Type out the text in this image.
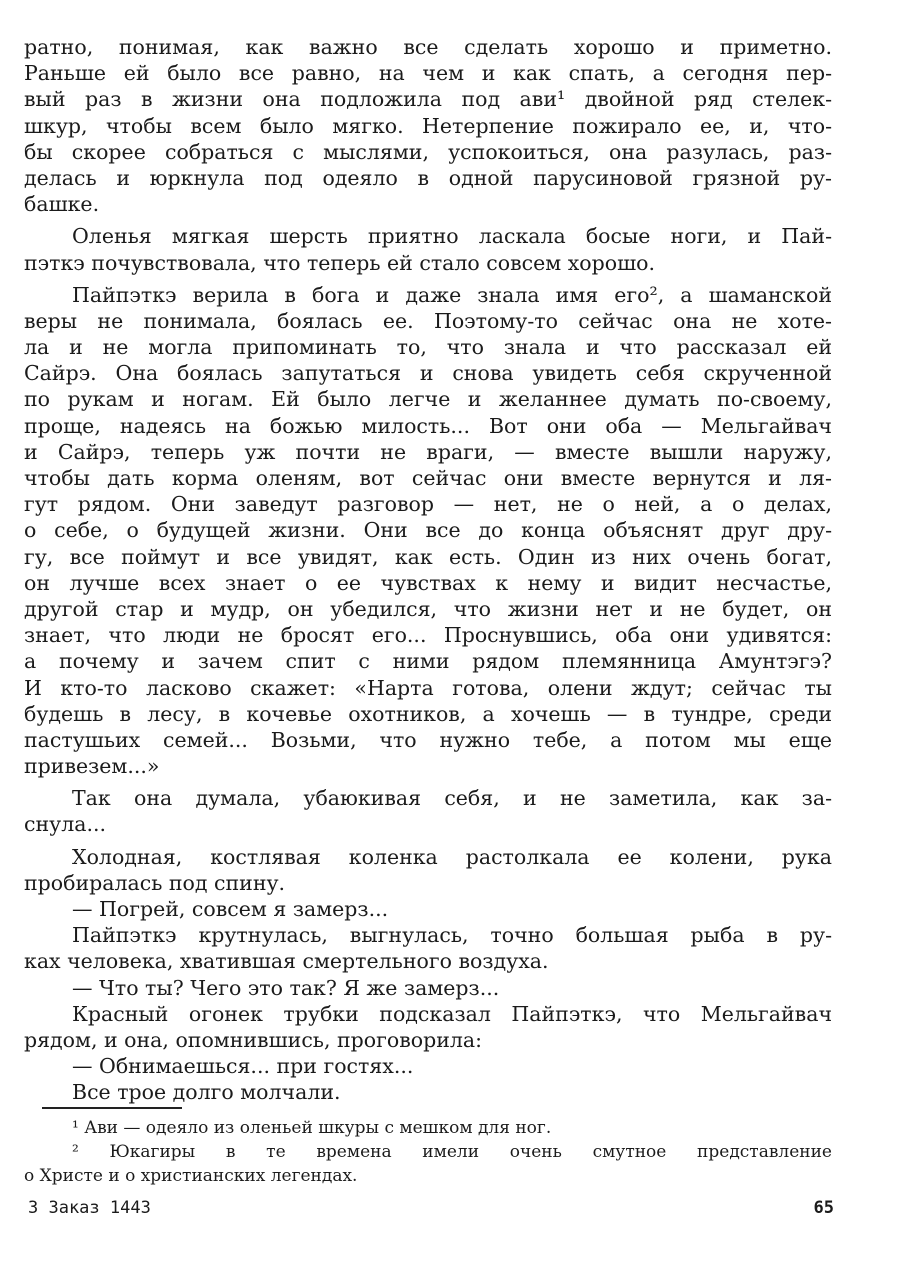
ратно, понимая, как важно все сделать хорошо и приметно.
Раньше ей было все равно, на чем и как спать, а сегодня пер-
вый раз в жизни она подложила под ави¹ двойной ряд стелек-
шкур, чтобы всем было мягко. Нетерпение пожирало ее, и, что-
бы скорее собраться с мыслями, успокоиться, она разулась, раз-
делась и юркнула под одеяло в одной парусиновой грязной ру-
башке.
Оленья мягкая шерсть приятно ласкала босые ноги, и Пай-
пэткэ почувствовала, что теперь ей стало совсем хорошо.
Пайпэткэ верила в бога и даже знала имя его², а шаманской
веры не понимала, боялась ее. Поэтому-то сейчас она не хоте-
ла и не могла припоминать то, что знала и что рассказал ей
Сайрэ. Она боялась запутаться и снова увидеть себя скрученной
по рукам и ногам. Ей было легче и желаннее думать по-своему,
проще, надеясь на божью милость... Вот они оба — Мельгайвач
и Сайрэ, теперь уж почти не враги, — вместе вышли наружу,
чтобы дать корма оленям, вот сейчас они вместе вернутся и ля-
гут рядом. Они заведут разговор — нет, не о ней, а о делах,
о себе, о будущей жизни. Они все до конца объяснят друг дру-
гу, все поймут и все увидят, как есть. Один из них очень богат,
он лучше всех знает о ее чувствах к нему и видит несчастье,
другой стар и мудр, он убедился, что жизни нет и не будет, он
знает, что люди не бросят его... Проснувшись, оба они удивятся:
а почему и зачем спит с ними рядом племянница Амунтэгэ?
И кто-то ласково скажет: «Нарта готова, олени ждут; сейчас ты
будешь в лесу, в кочевье охотников, а хочешь — в тундре, среди
пастушьих семей... Возьми, что нужно тебе, а потом мы еще
привезем...»
Так она думала, убаюкивая себя, и не заметила, как за-
снула...
Холодная, костлявая коленка растолкала ее колени, рука
пробиралась под спину.
— Погрей, совсем я замерз...
Пайпэткэ крутнулась, выгнулась, точно большая рыба в ру-
ках человека, хватившая смертельного воздуха.
— Что ты? Чего это так? Я же замерз...
Красный огонек трубки подсказал Пайпэткэ, что Мельгайвач
рядом, и она, опомнившись, проговорила:
— Обнимаешься... при гостях...
Все трое долго молчали.
¹ Ави — одеяло из оленьей шкуры с мешком для ног.
² Юкагиры в те времена имели очень смутное представление
о Христе и о христианских легендах.
3 Заказ 1443	65
